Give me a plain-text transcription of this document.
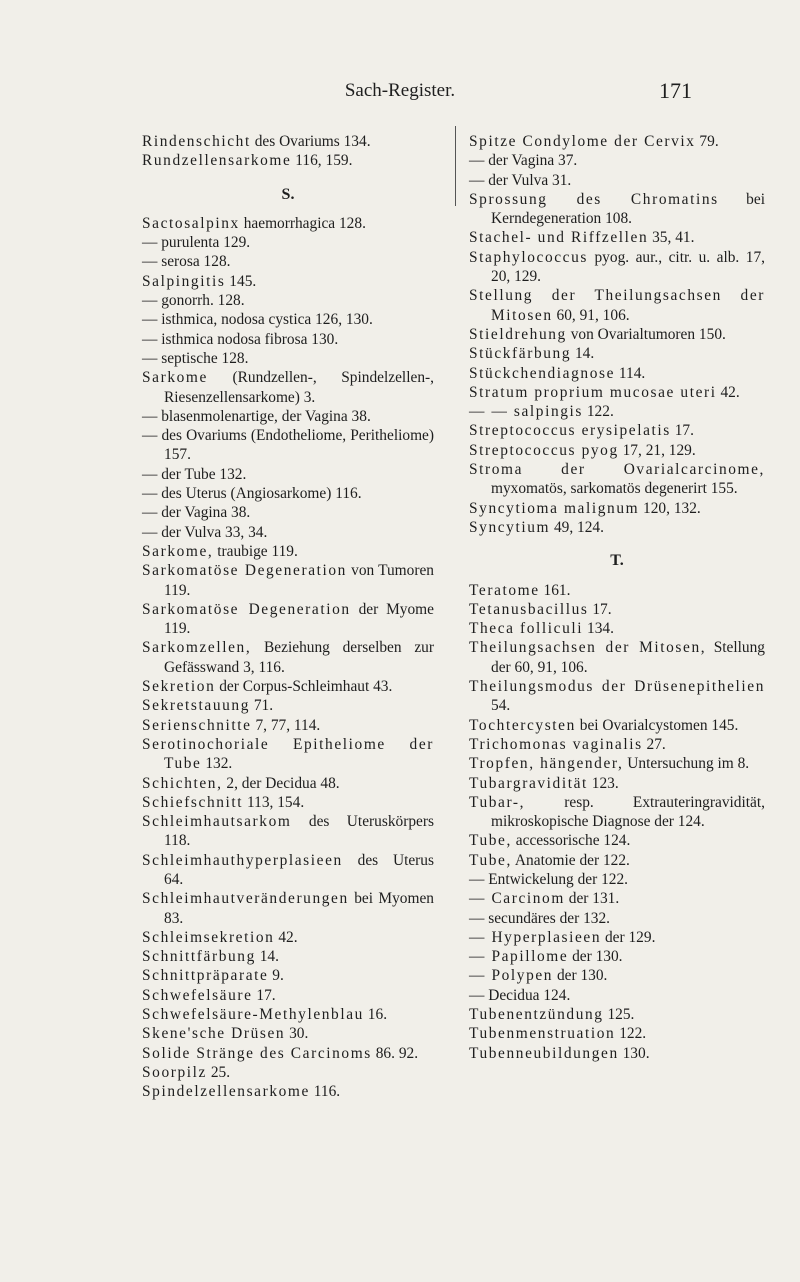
Sach-Register.	171

Rindenschicht des Ovariums 134.

Rundzellensarkome 116, 159.

S.

Sactosalpinx haemorrhagica 128.

— purulenta 129.

— serosa 128.

Salpingitis 145.

— gonorrh. 128.

— isthmica, nodosa cystica 126, 130.

— isthmica nodosa fibrosa 130.

— septische 128.

Sarkome (Rundzellen-, Spindelzellen-, Riesenzellensarkome) 3.

— blasenmolenartige, der Vagina 38.

— des Ovariums (Endotheliome, Peritheliome) 157.

— der Tube 132.

— des Uterus (Angiosarkome) 116.

— der Vagina 38.

— der Vulva 33, 34.

Sarkome, traubige 119.

Sarkomatöse Degeneration von Tumoren 119.

Sarkomatöse Degeneration der Myome 119.

Sarkomzellen, Beziehung derselben zur Gefässwand 3, 116.

Sekretion der Corpus-Schleimhaut 43.

Sekretstauung 71.

Serienschnitte 7, 77, 114.

Serotinochoriale Epitheliome der Tube 132.

Schichten, 2, der Decidua 48.

Schiefschnitt 113, 154.

Schleimhautsarkom des Uteruskörpers 118.

Schleimhauthyperplasieen des Uterus 64.

Schleimhautveränderungen bei Myomen 83.

Schleimsekretion 42.

Schnittfärbung 14.

Schnittpräparate 9.

Schwefelsäure 17.

Schwefelsäure-Methylenblau 16.

Skene'sche Drüsen 30.

Solide Stränge des Carcinoms 86. 92.

Soorpilz 25.

Spindelzellensarkome 116.

Spitze Condylome der Cervix 79.

— der Vagina 37.

— der Vulva 31.

Sprossung des Chromatins bei Kerndegeneration 108.

Stachel- und Riffzellen 35, 41.

Staphylococcus pyog. aur., citr. u. alb. 17, 20, 129.

Stellung der Theilungsachsen der Mitosen 60, 91, 106.

Stieldrehung von Ovarialtumoren 150.

Stückfärbung 14.

Stückchendiagnose 114.

Stratum proprium mucosae uteri 42.

— — salpingis 122.

Streptococcus erysipelatis 17.

Streptococcus pyog 17, 21, 129.

Stroma der Ovarialcarcinome, myxomatös, sarkomatös degenerirt 155.

Syncytioma malignum 120, 132.

Syncytium 49, 124.

T.

Teratome 161.

Tetanusbacillus 17.

Theca folliculi 134.

Theilungsachsen der Mitosen, Stellung der 60, 91, 106.

Theilungsmodus der Drüsenepithelien 54.

Tochtercysten bei Ovarialcystomen 145.

Trichomonas vaginalis 27.

Tropfen, hängender, Untersuchung im 8.

Tubargravidität 123.

Tubar-, resp. Extrauteringravidität, mikroskopische Diagnose der 124.

Tube, accessorische 124.

Tube, Anatomie der 122.

— Entwickelung der 122.

— Carcinom der 131.

— secundäres der 132.

— Hyperplasieen der 129.

— Papillome der 130.

— Polypen der 130.

— Decidua 124.

Tubenentzündung 125.

Tubenmenstruation 122.

Tubenneubildungen 130.
